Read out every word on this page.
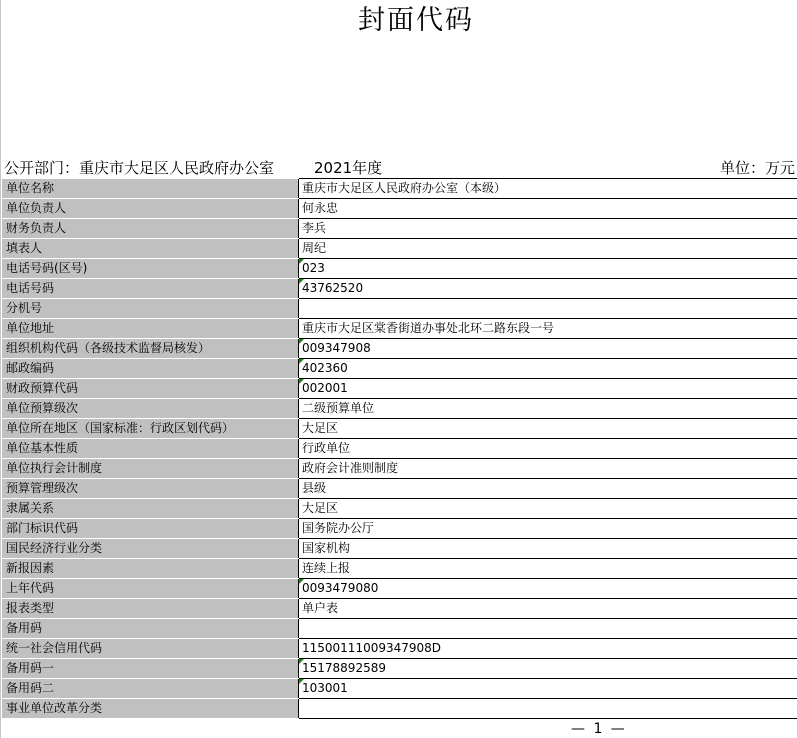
封面代码
公开部门：重庆市大足区人民政府办公室	2021年度	单位：万元
单位名称	重庆市大足区人民政府办公室（本级）
单位负责人	何永忠
财务负责人	李兵
填表人	周纪
电话号码(区号)	023
电话号码	43762520
分机号	
单位地址	重庆市大足区棠香街道办事处北环二路东段一号
组织机构代码（各级技术监督局核发）	009347908
邮政编码	402360
财政预算代码	002001
单位预算级次	二级预算单位
单位所在地区（国家标准：行政区划代码）	大足区
单位基本性质	行政单位
单位执行会计制度	政府会计准则制度
预算管理级次	县级
隶属关系	大足区
部门标识代码	国务院办公厅
国民经济行业分类	国家机构
新报因素	连续上报
上年代码	0093479080
报表类型	单户表
备用码	
统一社会信用代码	11500111009347908D
备用码一	15178892589
备用码二	103001
事业单位改革分类	
— 1 —
